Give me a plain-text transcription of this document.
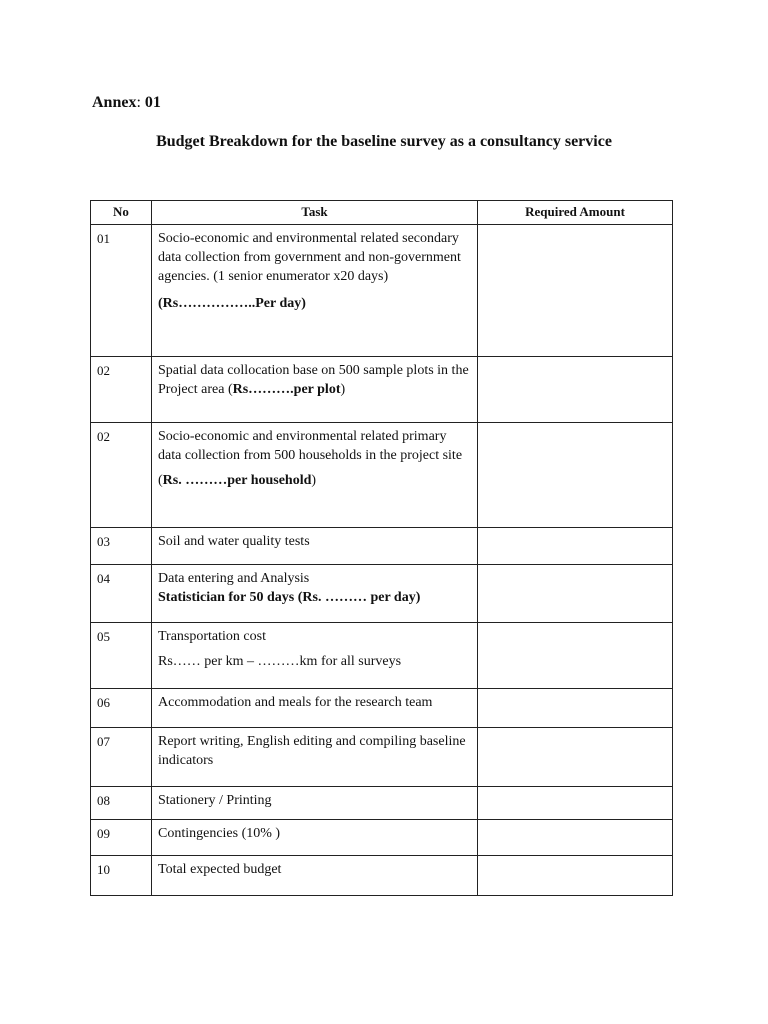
Annex: 01
Budget Breakdown for the baseline survey as a consultancy service
No	Task	Required Amount
01	Socio-economic and environmental related secondary data collection from government and non-government agencies. (1 senior enumerator x20 days)
(Rs……………..Per day)	

02	Spatial data collocation base on 500 sample plots in the Project area (Rs……….per plot)	
02	Socio-economic and environmental related primary data collection from 500 households in the project site
(Rs. ………per household)	

03	Soil and water quality tests	
04	Data entering and Analysis
Statistician for 50 days (Rs. ……… per day)	

05	Transportation cost
Rs…… per km – ………km for all surveys	

06	Accommodation and meals for the research team	
07	Report writing, English editing and compiling baseline indicators	
08	Stationery / Printing	
09	Contingencies (10% )	
10	Total expected budget	
